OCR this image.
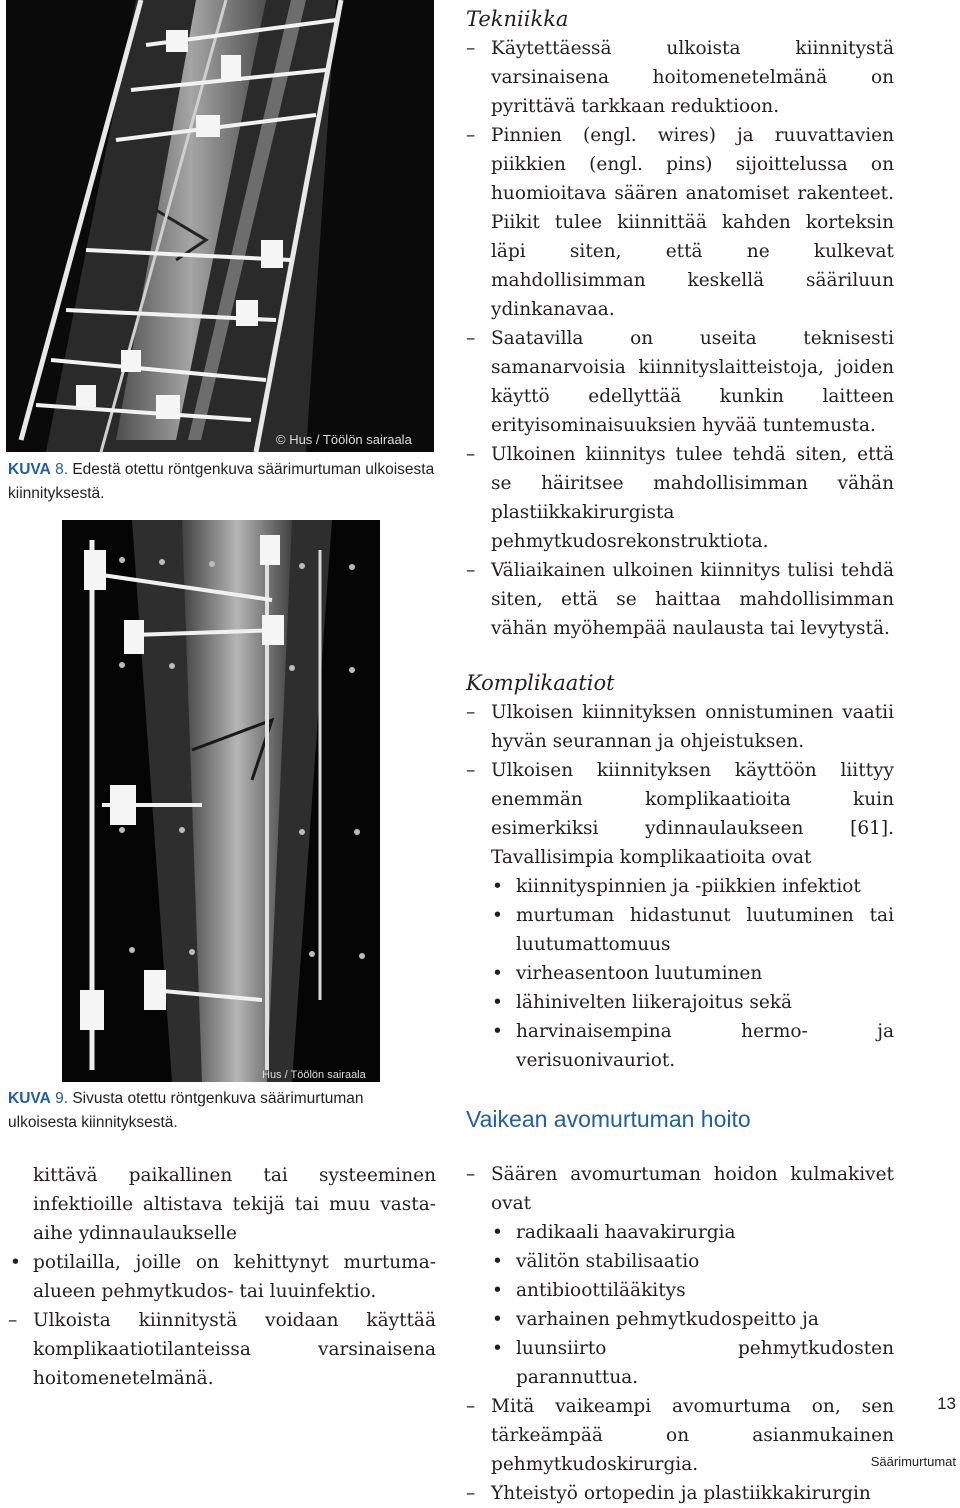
© Hus / Töölön sairaala
KUVA 8. Edestä otettu röntgenkuva säärimurtuman ulkoisesta kiinnityksestä.
Hus / Töölön sairaala
KUVA 9. Sivusta otettu röntgenkuva säärimurtuman ulkoisesta kiinnityksestä.

kittävä paikallinen tai systeeminen infektioille altistava tekijä tai muu vasta-aihe ydinnaulaukselle

• potilailla, joille on kehittynyt murtuma-alueen pehmytkudos- tai luuinfektio.

– Ulkoista kiinnitystä voidaan käyttää komplikaatiotilanteissa varsinaisena hoitomenetelmänä.

Tekniikka

– Käytettäessä ulkoista kiinnitystä varsinaisena hoitomenetelmänä on pyrittävä tarkkaan reduktioon.

– Pinnien (engl. wires) ja ruuvattavien piikkien (engl. pins) sijoittelussa on huomioitava säären anatomiset rakenteet. Piikit tulee kiinnittää kahden korteksin läpi siten, että ne kulkevat mahdollisimman keskellä sääriluun ydinkanavaa.

– Saatavilla on useita teknisesti samanarvoisia kiinnityslaitteistoja, joiden käyttö edellyttää kunkin laitteen erityisominaisuuksien hyvää tuntemusta.

– Ulkoinen kiinnitys tulee tehdä siten, että se häiritsee mahdollisimman vähän plastiikkakirurgista pehmytkudosrekonstruktiota.

– Väliaikainen ulkoinen kiinnitys tulisi tehdä siten, että se haittaa mahdollisimman vähän myöhempää naulausta tai levytystä.

Komplikaatiot

– Ulkoisen kiinnityksen onnistuminen vaatii hyvän seurannan ja ohjeistuksen.

– Ulkoisen kiinnityksen käyttöön liittyy enemmän komplikaatioita kuin esimerkiksi ydinnaulaukseen [61]. Tavallisimpia komplikaatioita ovat

• kiinnityspinnien ja -piikkien infektiot

• murtuman hidastunut luutuminen tai luutumattomuus

• virheasentoon luutuminen

• lähinivelten liikerajoitus sekä

• harvinaisempina hermo- ja verisuonivauriot.

Vaikean avomurtuman hoito

– Säären avomurtuman hoidon kulmakivet ovat

• radikaali haavakirurgia

• välitön stabilisaatio

• antibioottilääkitys

• varhainen pehmytkudospeitto ja

• luunsiirto pehmytkudosten parannuttua.

– Mitä vaikeampi avomurtuma on, sen tärkeämpää on asianmukainen pehmytkudoskirurgia.

– Yhteistyö ortopedin ja plastiikkakirurgin

13
Säärimurtumat
